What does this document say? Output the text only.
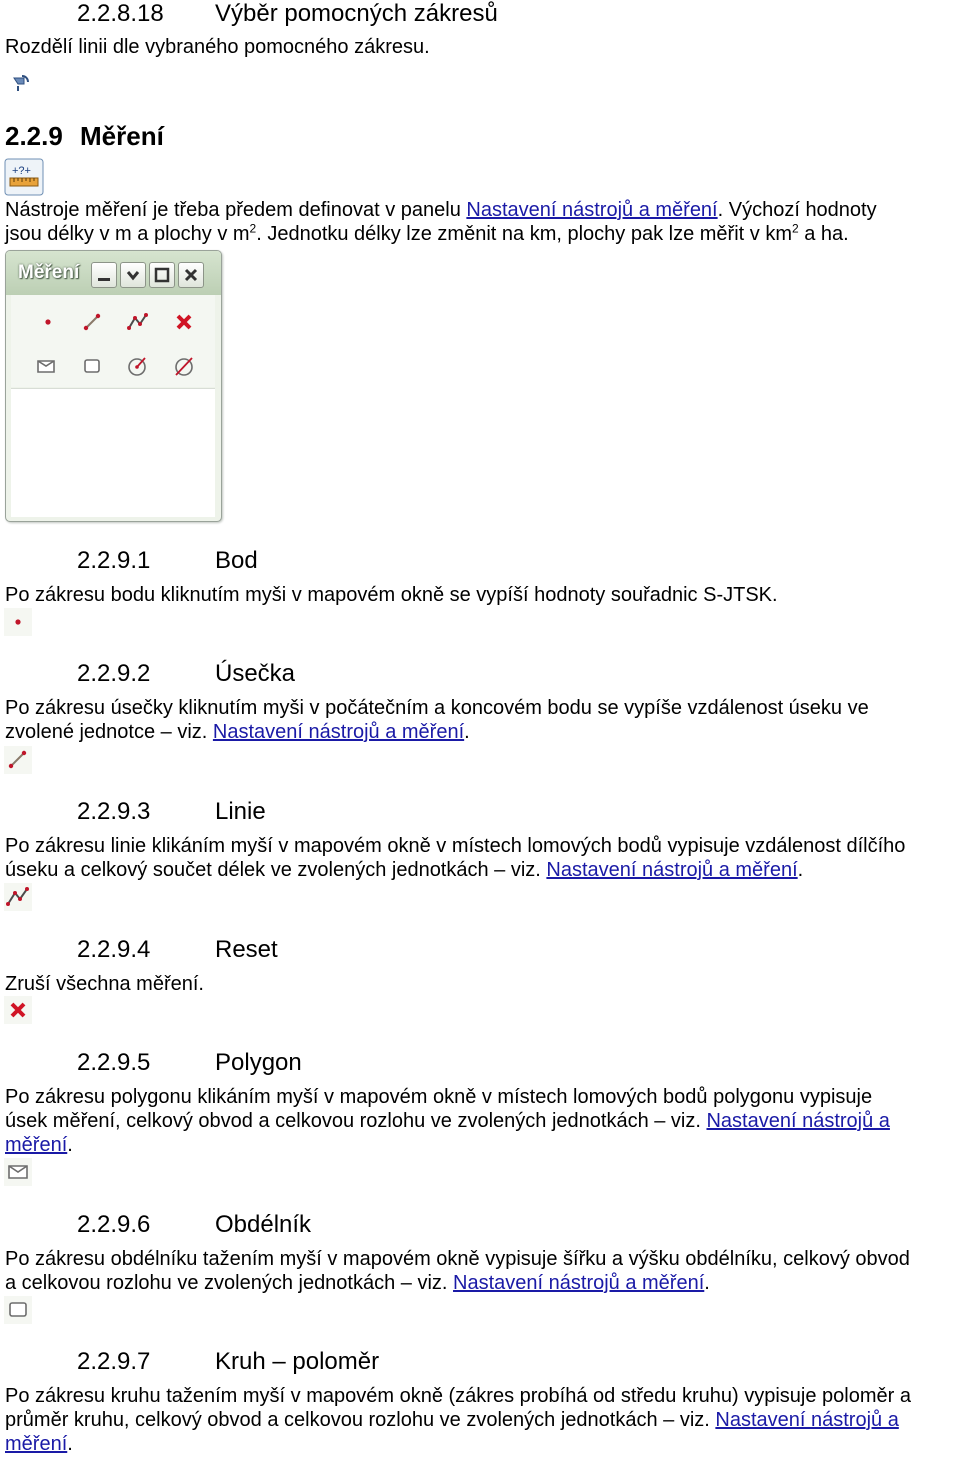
2.2.8.18 Výběr pomocných zákresů
Rozdělí linii dle vybraného pomocného zákresu.
2.2.9 Měření
+?+
Nástroje měření je třeba předem definovat v panelu Nastavení nástrojů a měření. Výchozí hodnoty
jsou délky v m a plochy v $m^2$. Jednotku délky lze změnit na km, plochy pak lze měřit v $km^2$ a ha.
Měření
2.2.9.1	Bod
Po zákresu bodu kliknutím myši v mapovém okně se vypíší hodnoty souřadnic S-JTSK.
2.2.9.2	Úsečka
Po zákresu úsečky kliknutím myši v počátečním a koncovém bodu se vypíše vzdálenost úseku ve
zvolené jednotce – viz. Nastavení nástrojů a měření.
2.2.9.3	Linie
Po zákresu linie klikáním myší v mapovém okně v místech lomových bodů vypisuje vzdálenost dílčího
úseku a celkový součet délek ve zvolených jednotkách – viz. Nastavení nástrojů a měření.
2.2.9.4	Reset
Zruší všechna měření.
2.2.9.5	Polygon
Po zákresu polygonu klikáním myší v mapovém okně v místech lomových bodů polygonu vypisuje
úsek měření, celkový obvod a celkovou rozlohu ve zvolených jednotkách – viz. Nastavení nástrojů a
měření.
2.2.9.6	Obdélník
Po zákresu obdélníku tažením myší v mapovém okně vypisuje šířku a výšku obdélníku, celkový obvod
a celkovou rozlohu ve zvolených jednotkách – viz. Nastavení nástrojů a měření.
2.2.9.7	Kruh – poloměr
Po zákresu kruhu tažením myší v mapovém okně (zákres probíhá od středu kruhu) vypisuje poloměr a
průměr kruhu, celkový obvod a celkovou rozlohu ve zvolených jednotkách – viz. Nastavení nástrojů a
měření.
